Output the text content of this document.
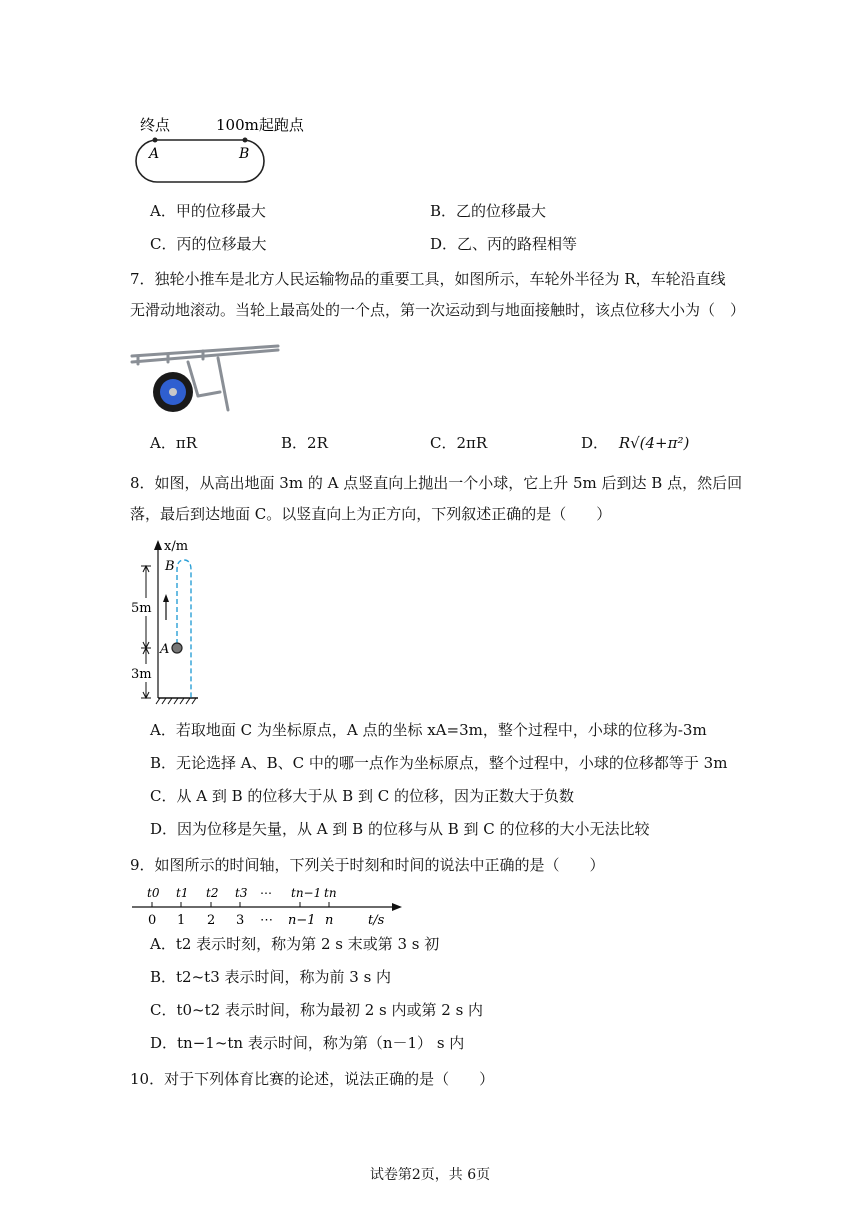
终点	100m起跑点
A	B
A．甲的位移最大	B．乙的位移最大
C．丙的位移最大	D．乙、丙的路程相等
7．独轮小推车是北方人民运输物品的重要工具，如图所示，车轮外半径为 R，车轮沿直线
无滑动地滚动。当轮上最高处的一个点，第一次运动到与地面接触时，该点位移大小为（　）
A．πR	B．2R	C．2πR	D． R√(4+π²)
8．如图，从高出地面 3m 的 A 点竖直向上抛出一个小球，它上升 5m 后到达 B 点，然后回
落，最后到达地面 C。以竖直向上为正方向，下列叙述正确的是（　　）
x/m
5m
3m
B
A
A．若取地面 C 为坐标原点，A 点的坐标 xA=3m，整个过程中，小球的位移为-3m
B．无论选择 A、B、C 中的哪一点作为坐标原点，整个过程中，小球的位移都等于 3m
C．从 A 到 B 的位移大于从 B 到 C 的位移，因为正数大于负数
D．因为位移是矢量，从 A 到 B 的位移与从 B 到 C 的位移的大小无法比较
9．如图所示的时间轴，下列关于时刻和时间的说法中正确的是（　　）
t0 t1 t2 t3 ⋯ tn−1 tn
0 1 2 3 ⋯ n−1 n	t/s
A．t2 表示时刻，称为第 2 s 末或第 3 s 初
B．t2~t3 表示时间，称为前 3 s 内
C．t0~t2 表示时间，称为最初 2 s 内或第 2 s 内
D．tn−1~tn 表示时间，称为第（n－1） s 内
10．对于下列体育比赛的论述，说法正确的是（　　）
试卷第2页，共 6页
